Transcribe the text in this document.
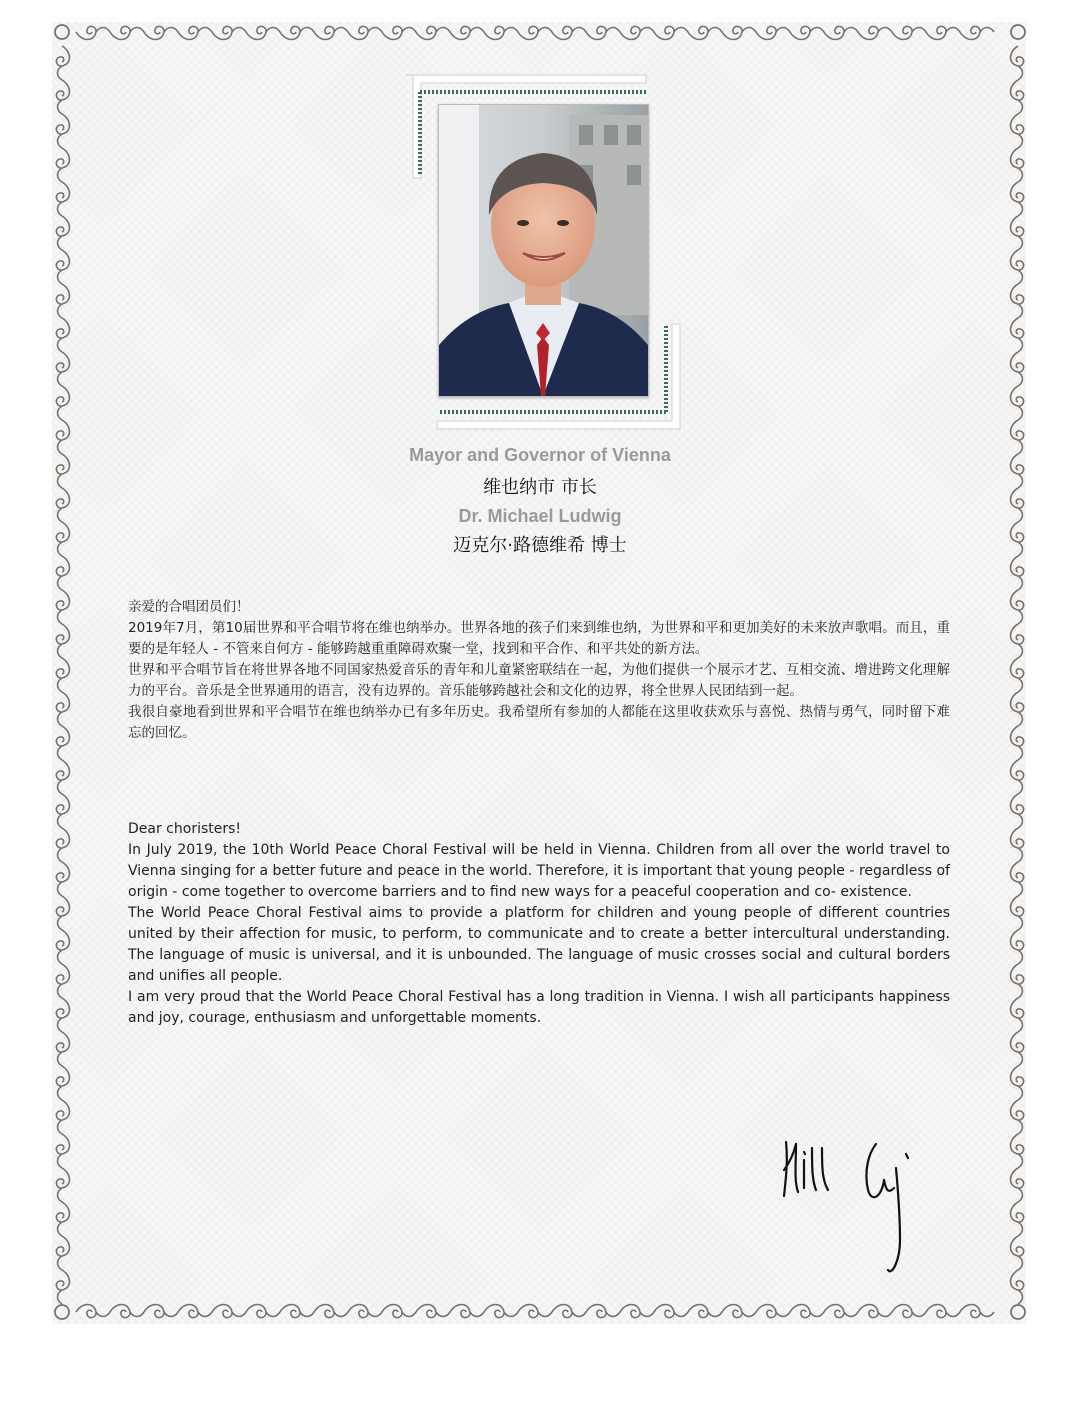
Mayor and Governor of Vienna
维也纳市 市长
Dr. Michael Ludwig
迈克尔·路德维希 博士

亲爱的合唱团员们！

2019年7月，第10届世界和平合唱节将在维也纳举办。世界各地的孩子们来到维也纳，为世界和平和更加美好的未来放声歌唱。而且，重要的是年轻人 - 不管来自何方 - 能够跨越重重障碍欢聚一堂，找到和平合作、和平共处的新方法。

世界和平合唱节旨在将世界各地不同国家热爱音乐的青年和儿童紧密联结在一起，为他们提供一个展示才艺、互相交流、增进跨文化理解力的平台。音乐是全世界通用的语言，没有边界的。音乐能够跨越社会和文化的边界，将全世界人民团结到一起。

我很自豪地看到世界和平合唱节在维也纳举办已有多年历史。我希望所有参加的人都能在这里收获欢乐与喜悦、热情与勇气，同时留下难忘的回忆。

Dear choristers!

In July 2019, the 10th World Peace Choral Festival will be held in Vienna. Children from all over the world travel to Vienna singing for a better future and peace in the world. Therefore, it is important that young people - regardless of origin - come together to overcome barriers and to find new ways for a peaceful cooperation and co- existence.

The World Peace Choral Festival aims to provide a platform for children and young people of different countries united by their affection for music, to perform, to communicate and to create a better intercultural understanding. The language of music is universal, and it is unbounded. The language of music crosses social and cultural borders and unifies all people.

I am very proud that the World Peace Choral Festival has a long tradition in Vienna. I wish all participants happiness and joy, courage, enthusiasm and unforgettable moments.
